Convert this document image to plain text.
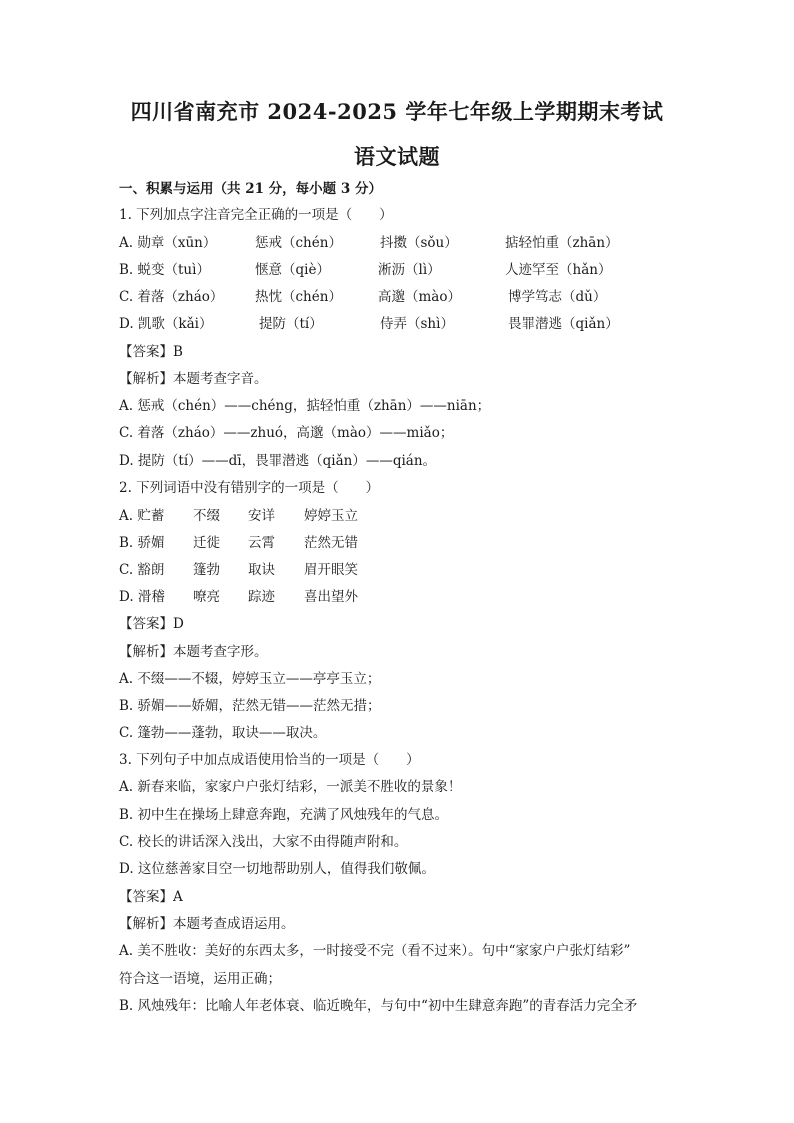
四川省南充市 2024-2025 学年七年级上学期期末考试
语文试题
一、积累与运用（共 21 分，每小题 3 分）
1. 下列加点字注音完全正确的一项是（　　）
A. 勋章（xūn）	惩戒（chén）	抖擞（sǒu）	掂轻怕重（zhān）
B. 蜕变（tuì）	惬意（qiè）	淅沥（lì）	人迹罕至（hǎn）
C. 着落（zháo） 热忱（chén）	高邈（mào）	博学笃志（dǔ）
D. 凯歌（kǎi）	提防（tí）	侍弄（shì）	畏罪潜逃（qiǎn）
【答案】B
【解析】本题考查字音。
A. 惩戒（chén）——chéng，掂轻怕重（zhān）——niān；
C. 着落（zháo）——zhuó，高邈（mào）——miǎo；
D. 提防（tí）——dī，畏罪潜逃（qiǎn）——qián。
2. 下列词语中没有错别字的一项是（　　）
A. 贮蓄 不缀 安详 婷婷玉立
B. 骄媚 迁徙 云霄 茫然无错
C. 豁朗 篷勃 取诀 眉开眼笑
D. 滑稽 嘹亮 踪迹 喜出望外
【答案】D
【解析】本题考查字形。
A. 不缀——不辍，婷婷玉立——亭亭玉立；
B. 骄媚——娇媚，茫然无错——茫然无措；
C. 篷勃——蓬勃，取诀——取决。
3. 下列句子中加点成语使用恰当的一项是（　　）
A. 新春来临，家家户户张灯结彩，一派美不胜收的景象！
B. 初中生在操场上肆意奔跑，充满了风烛残年的气息。
C. 校长的讲话深入浅出，大家不由得随声附和。
D. 这位慈善家目空一切地帮助别人，值得我们敬佩。
【答案】A
【解析】本题考查成语运用。
A. 美不胜收：美好的东西太多，一时接受不完（看不过来）。句中“家家户户张灯结彩”
符合这一语境，运用正确；
B. 风烛残年：比喻人年老体衰、临近晚年，与句中“初中生肆意奔跑”的青春活力完全矛
